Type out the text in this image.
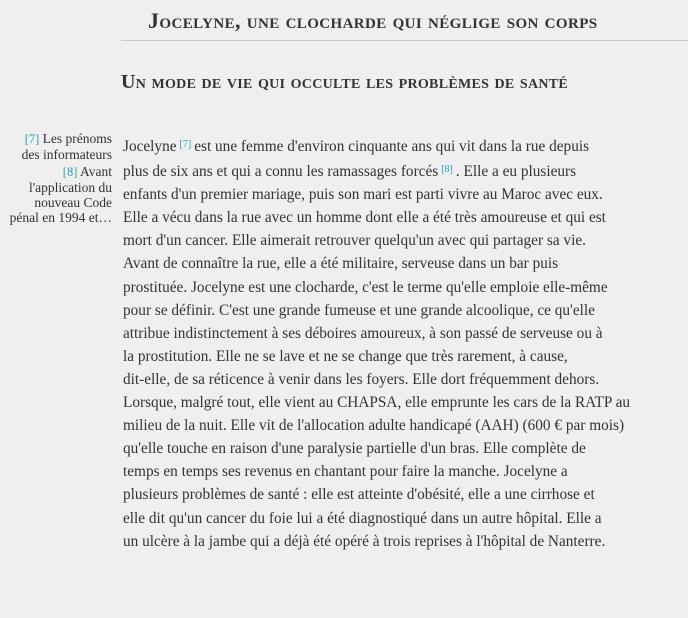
Jocelyne, une clocharde qui néglige son corps
Un mode de vie qui occulte les problèmes de santé
[7] Les prénoms
des informateurs
[8] Avant
l'application du
nouveau Code
pénal en 1994 et…
Jocelyne [7] est une femme d'environ cinquante ans qui vit dans la rue depuis
plus de six ans et qui a connu les ramassages forcés [8] . Elle a eu plusieurs
enfants d'un premier mariage, puis son mari est parti vivre au Maroc avec eux.
Elle a vécu dans la rue avec un homme dont elle a été très amoureuse et qui est
mort d'un cancer. Elle aimerait retrouver quelqu'un avec qui partager sa vie.
Avant de connaître la rue, elle a été militaire, serveuse dans un bar puis
prostituée. Jocelyne est une clocharde, c'est le terme qu'elle emploie elle-même
pour se définir. C'est une grande fumeuse et une grande alcoolique, ce qu'elle
attribue indistinctement à ses déboires amoureux, à son passé de serveuse ou à
la prostitution. Elle ne se lave et ne se change que très rarement, à cause,
dit-elle, de sa réticence à venir dans les foyers. Elle dort fréquemment dehors.
Lorsque, malgré tout, elle vient au CHAPSA, elle emprunte les cars de la RATP au
milieu de la nuit. Elle vit de l'allocation adulte handicapé (AAH) (600 € par mois)
qu'elle touche en raison d'une paralysie partielle d'un bras. Elle complète de
temps en temps ses revenus en chantant pour faire la manche. Jocelyne a
plusieurs problèmes de santé : elle est atteinte d'obésité, elle a une cirrhose et
elle dit qu'un cancer du foie lui a été diagnostiqué dans un autre hôpital. Elle a
un ulcère à la jambe qui a déjà été opéré à trois reprises à l'hôpital de Nanterre.
